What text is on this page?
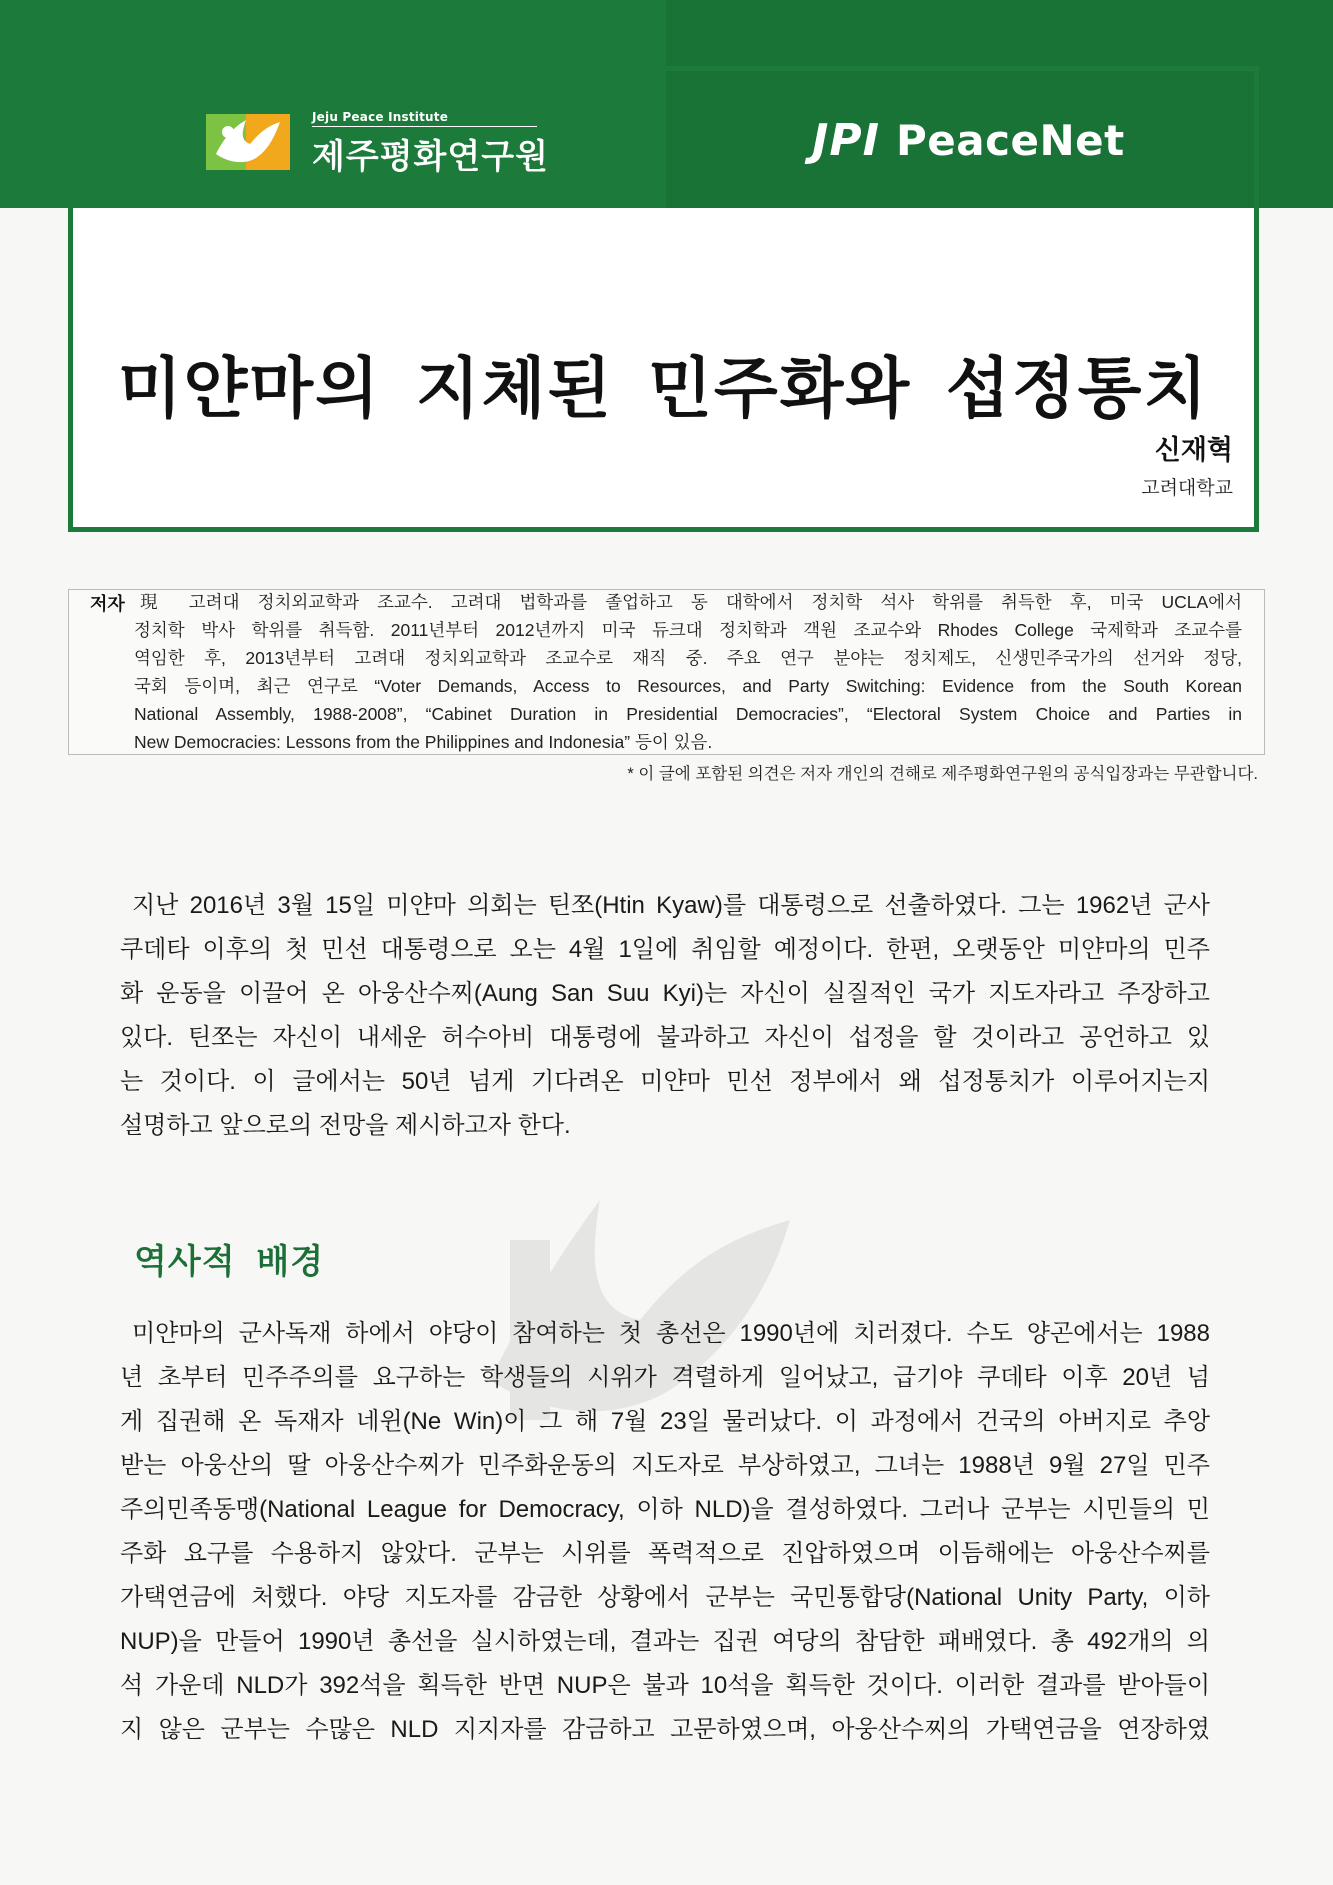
Jeju Peace Institute
제주평화연구원	JPI PeaceNet
미얀마의 지체된 민주화와 섭정통치
신재혁
고려대학교
저자 現 고려대 정치외교학과 조교수. 고려대 법학과를 졸업하고 동 대학에서 정치학 석사 학위를 취득한 후, 미국 UCLA에서
정치학 박사 학위를 취득함. 2011년부터 2012년까지 미국 듀크대 정치학과 객원 조교수와 Rhodes College 국제학과 조교수를
역임한 후, 2013년부터 고려대 정치외교학과 조교수로 재직 중. 주요 연구 분야는 정치제도, 신생민주국가의 선거와 정당,
국회 등이며, 최근 연구로 “Voter Demands, Access to Resources, and Party Switching: Evidence from the South Korean
National Assembly, 1988-2008”, “Cabinet Duration in Presidential Democracies”, “Electoral System Choice and Parties in
New Democracies: Lessons from the Philippines and Indonesia” 등이 있음.
* 이 글에 포함된 의견은 저자 개인의 견해로 제주평화연구원의 공식입장과는 무관합니다.
지난 2016년 3월 15일 미얀마 의회는 틴쪼(Htin Kyaw)를 대통령으로 선출하였다. 그는 1962년 군사
쿠데타 이후의 첫 민선 대통령으로 오는 4월 1일에 취임할 예정이다. 한편, 오랫동안 미얀마의 민주
화 운동을 이끌어 온 아웅산수찌(Aung San Suu Kyi)는 자신이 실질적인 국가 지도자라고 주장하고
있다. 틴쪼는 자신이 내세운 허수아비 대통령에 불과하고 자신이 섭정을 할 것이라고 공언하고 있
는 것이다. 이 글에서는 50년 넘게 기다려온 미얀마 민선 정부에서 왜 섭정통치가 이루어지는지
설명하고 앞으로의 전망을 제시하고자 한다.
역사적 배경
미얀마의 군사독재 하에서 야당이 참여하는 첫 총선은 1990년에 치러졌다. 수도 양곤에서는 1988
년 초부터 민주주의를 요구하는 학생들의 시위가 격렬하게 일어났고, 급기야 쿠데타 이후 20년 넘
게 집권해 온 독재자 네윈(Ne Win)이 그 해 7월 23일 물러났다. 이 과정에서 건국의 아버지로 추앙
받는 아웅산의 딸 아웅산수찌가 민주화운동의 지도자로 부상하였고, 그녀는 1988년 9월 27일 민주
주의민족동맹(National League for Democracy, 이하 NLD)을 결성하였다. 그러나 군부는 시민들의 민
주화 요구를 수용하지 않았다. 군부는 시위를 폭력적으로 진압하였으며 이듬해에는 아웅산수찌를
가택연금에 처했다. 야당 지도자를 감금한 상황에서 군부는 국민통합당(National Unity Party, 이하
NUP)을 만들어 1990년 총선을 실시하였는데, 결과는 집권 여당의 참담한 패배였다. 총 492개의 의
석 가운데 NLD가 392석을 획득한 반면 NUP은 불과 10석을 획득한 것이다. 이러한 결과를 받아들이
지 않은 군부는 수많은 NLD 지지자를 감금하고 고문하였으며, 아웅산수찌의 가택연금을 연장하였
